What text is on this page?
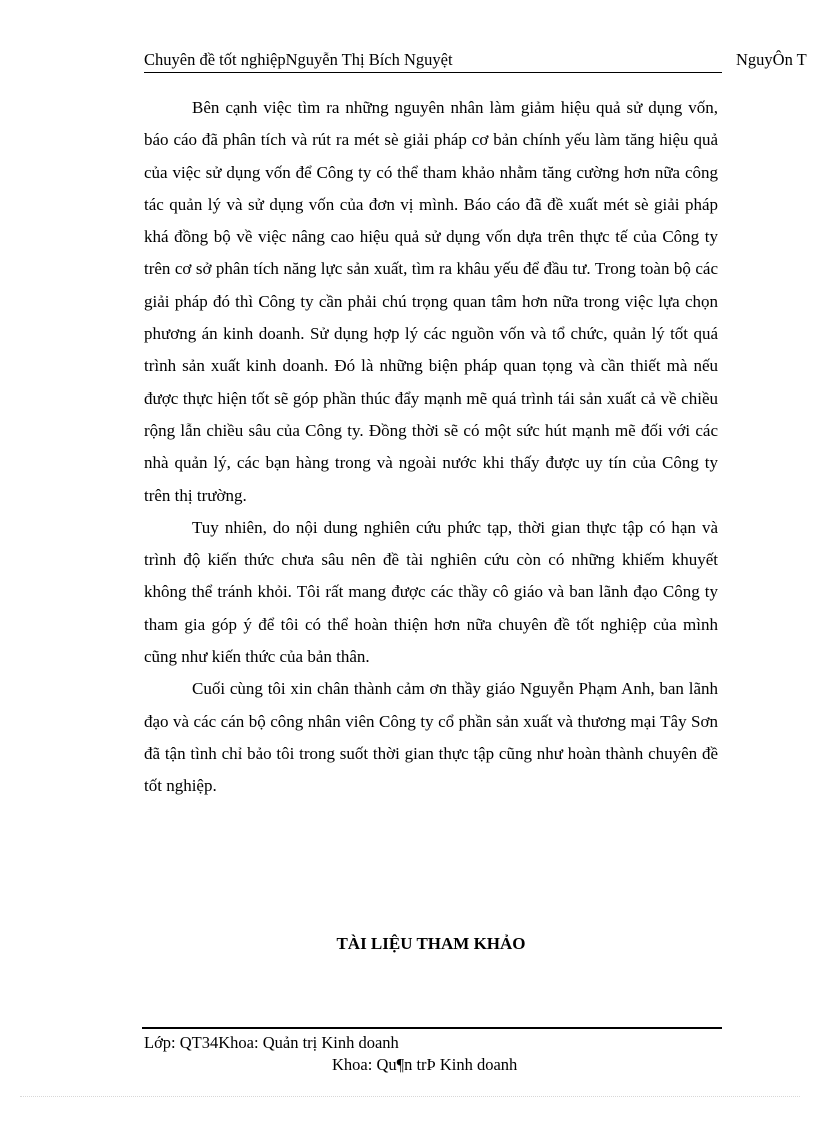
Chuyên đề tốt nghiệpNguyễn Thị Bích Nguyệt	NguyÔn T

Bên cạnh việc tìm ra những nguyên nhân làm giảm hiệu quả sử dụng vốn, báo cáo đã phân tích và rút ra mét sè giải pháp cơ bản chính yếu làm tăng hiệu quả của việc sử dụng vốn để Công ty có thể tham khảo nhằm tăng cường hơn nữa công tác quản lý và sử dụng vốn của đơn vị mình. Báo cáo đã đề xuất mét sè giải pháp khá đồng bộ về việc nâng cao hiệu quả sử dụng vốn dựa trên thực tế của Công ty trên cơ sở phân tích năng lực sản xuất, tìm ra khâu yếu để đầu tư. Trong toàn bộ các giải pháp đó thì Công ty cần phải chú trọng quan tâm hơn nữa trong việc lựa chọn phương án kinh doanh. Sử dụng hợp lý các nguồn vốn và tổ chức, quản lý tốt quá trình sản xuất kinh doanh. Đó là những biện pháp quan tọng và cần thiết mà nếu được thực hiện tốt sẽ góp phần thúc đẩy mạnh mẽ quá trình tái sản xuất cả về chiều rộng lẫn chiều sâu của Công ty. Đồng thời sẽ có một sức hút mạnh mẽ đối với các nhà quản lý, các bạn hàng trong và ngoài nước khi thấy được uy tín của Công ty trên thị trường.

Tuy nhiên, do nội dung nghiên cứu phức tạp, thời gian thực tập có hạn và trình độ kiến thức chưa sâu nên đề tài nghiên cứu còn có những khiếm khuyết không thể tránh khỏi. Tôi rất mang được các thầy cô giáo và ban lãnh đạo Công ty tham gia góp ý để tôi có thể hoàn thiện hơn nữa chuyên đề tốt nghiệp của mình cũng như kiến thức của bản thân.

Cuối cùng tôi xin chân thành cảm ơn thầy giáo Nguyễn Phạm Anh, ban lãnh đạo và các cán bộ công nhân viên Công ty cổ phần sản xuất và thương mại Tây Sơn đã tận tình chỉ bảo tôi trong suốt thời gian thực tập cũng như hoàn thành chuyên đề tốt nghiệp.

TÀI LIỆU THAM KHẢO
Lớp: QT34Khoa: Quản trị Kinh doanh
Khoa: Qu¶n trÞ Kinh doanh
